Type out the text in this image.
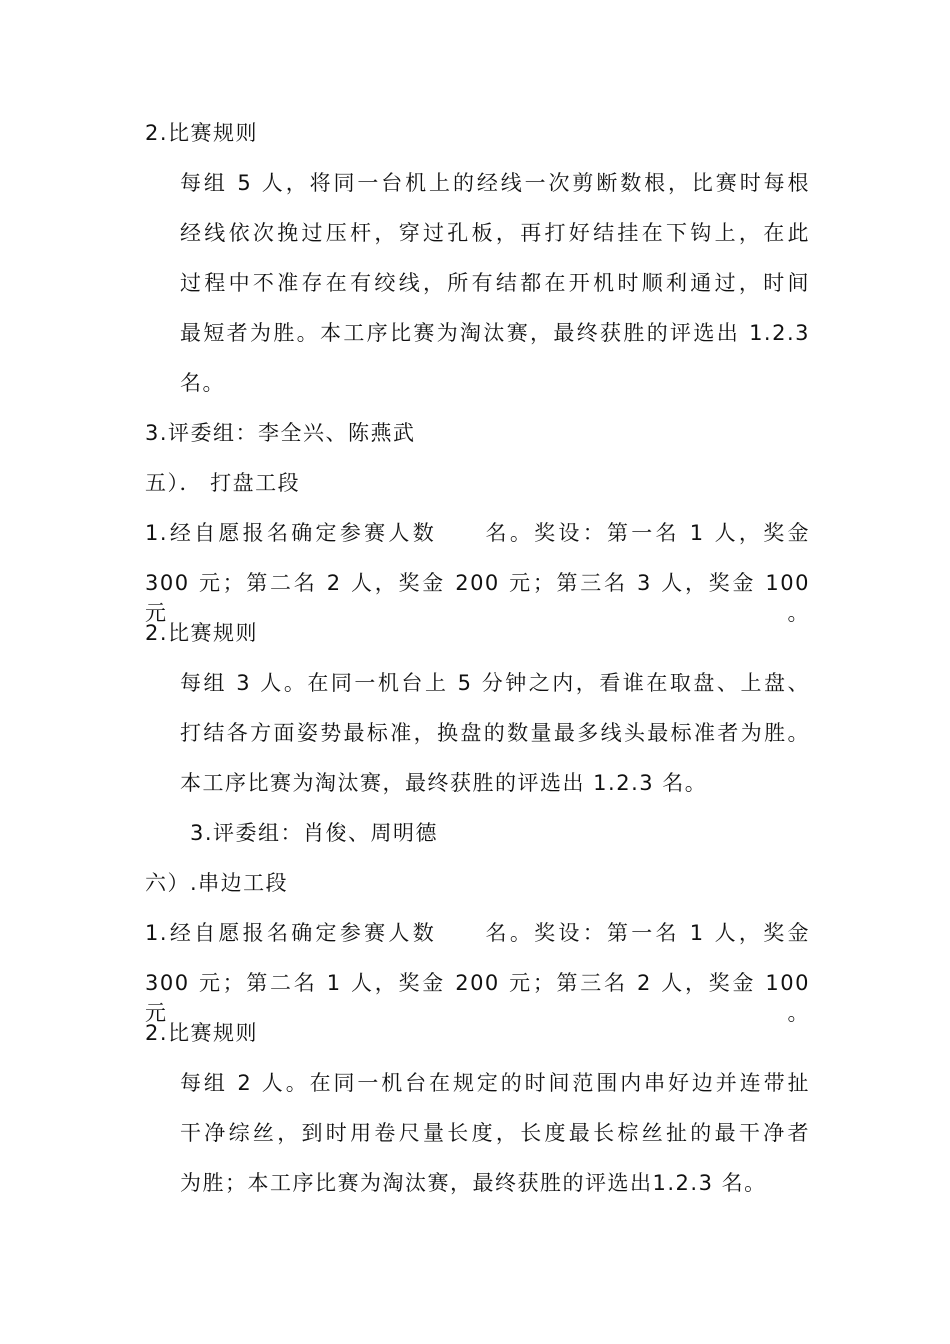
2.比赛规则
每组 5 人，将同一台机上的经线一次剪断数根，比赛时每根
经线依次挽过压杆，穿过孔板，再打好结挂在下钩上，在此
过程中不准存在有绞线，所有结都在开机时顺利通过，时间
最短者为胜。本工序比赛为淘汰赛，最终获胜的评选出 1.2.3
名。
3.评委组：李全兴、陈燕武
五）． 打盘工段
1.经自愿报名确定参赛人数　　名。奖设：第一名 1 人，奖金
300 元；第二名 2 人，奖金 200 元；第三名 3 人，奖金 100 元。
2.比赛规则
每组 3 人。在同一机台上 5 分钟之内，看谁在取盘、上盘、
打结各方面姿势最标准，换盘的数量最多线头最标准者为胜。
本工序比赛为淘汰赛，最终获胜的评选出 1.2.3 名。
3.评委组：肖俊、周明德
六）.串边工段
1.经自愿报名确定参赛人数　　名。奖设：第一名 1 人，奖金
300 元；第二名 1 人，奖金 200 元；第三名 2 人，奖金 100 元。
2.比赛规则
每组 2 人。在同一机台在规定的时间范围内串好边并连带扯
干净综丝，到时用卷尺量长度，长度最长棕丝扯的最干净者
为胜；本工序比赛为淘汰赛，最终获胜的评选出1.2.3 名。
